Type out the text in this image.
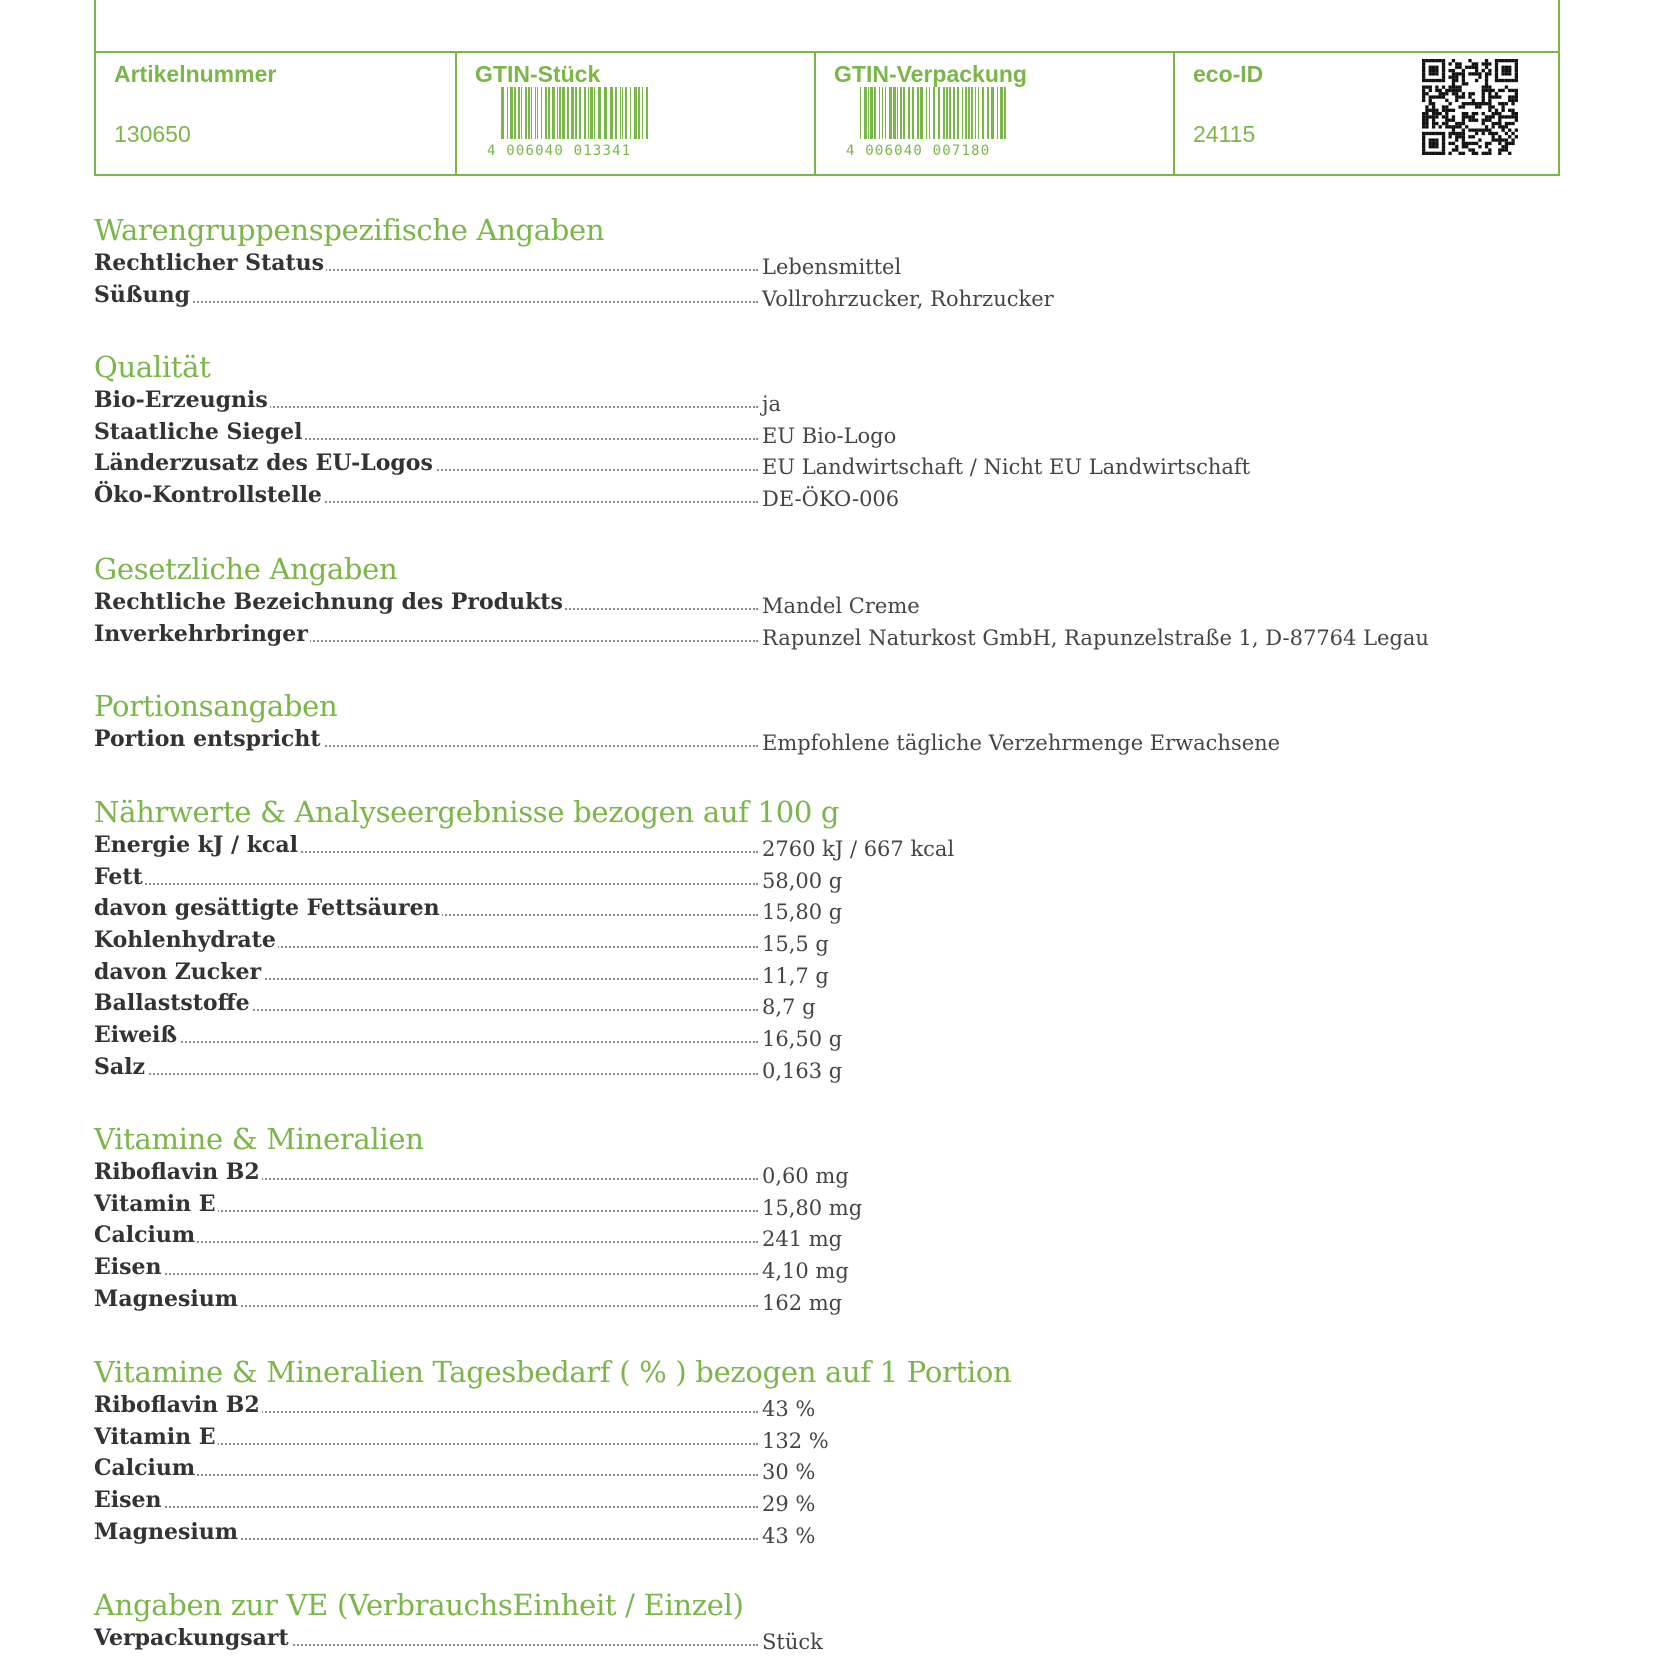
Artikelnummer
130650
GTIN-Stück
4 006040 013341
GTIN-Verpackung
4 006040 007180
eco-ID
24115
Warengruppenspezifische Angaben
Rechtlicher Status	Lebensmittel
Süßung	Vollrohrzucker, Rohrzucker
Qualität
Bio-Erzeugnis	ja
Staatliche Siegel	EU Bio-Logo
Länderzusatz des EU-Logos	EU Landwirtschaft / Nicht EU Landwirtschaft
Öko-Kontrollstelle	DE-ÖKO-006
Gesetzliche Angaben
Rechtliche Bezeichnung des Produkts	Mandel Creme
Inverkehrbringer	Rapunzel Naturkost GmbH, Rapunzelstraße 1, D-87764 Legau
Portionsangaben
Portion entspricht	Empfohlene tägliche Verzehrmenge Erwachsene
Nährwerte & Analyseergebnisse bezogen auf 100 g
Energie kJ / kcal	2760 kJ / 667 kcal
Fett	58,00 g
davon gesättigte Fettsäuren	15,80 g
Kohlenhydrate	15,5 g
davon Zucker	11,7 g
Ballaststoffe	8,7 g
Eiweiß	16,50 g
Salz	0,163 g
Vitamine & Mineralien
Riboflavin B2	0,60 mg
Vitamin E	15,80 mg
Calcium	241 mg
Eisen	4,10 mg
Magnesium	162 mg
Vitamine & Mineralien Tagesbedarf ( % ) bezogen auf 1 Portion
Riboflavin B2	43 %
Vitamin E	132 %
Calcium	30 %
Eisen	29 %
Magnesium	43 %
Angaben zur VE (VerbrauchsEinheit / Einzel)
Verpackungsart	Stück
